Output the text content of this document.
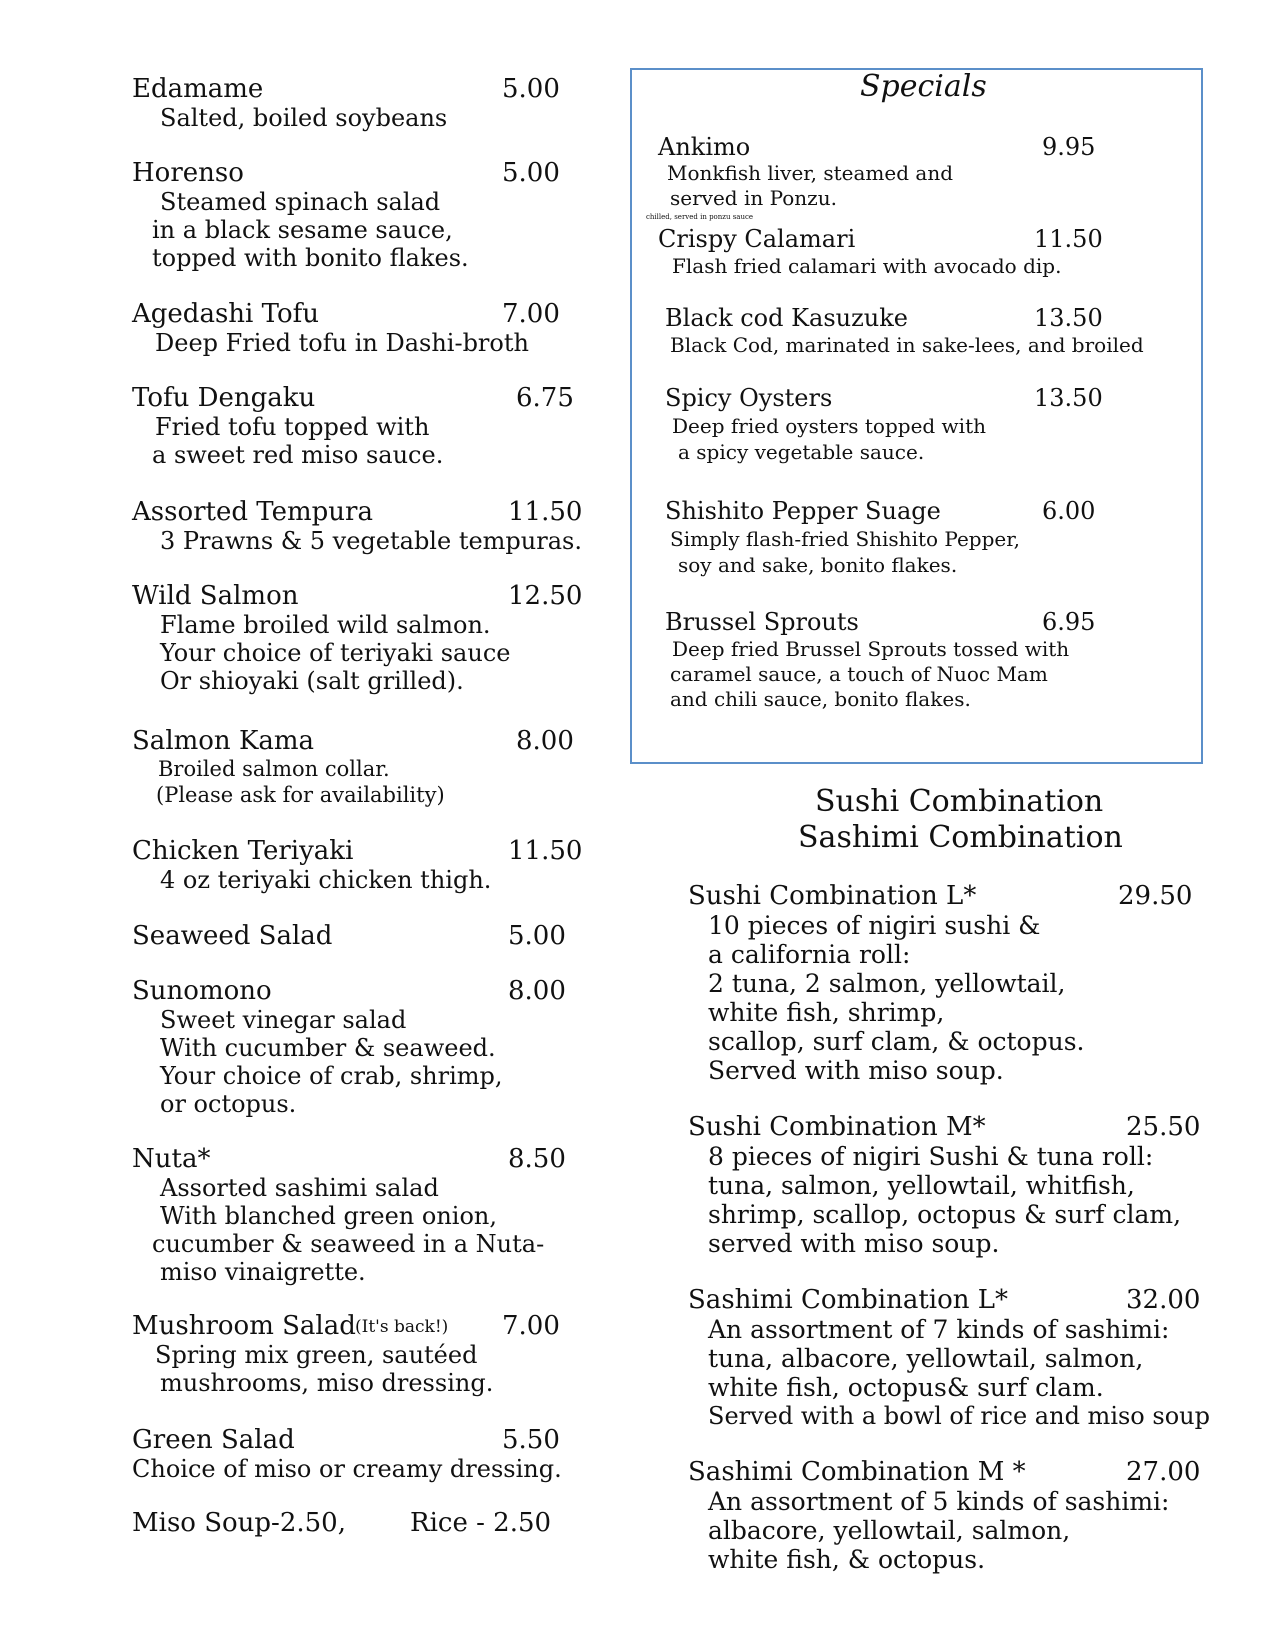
Edamame	5.00
Salted, boiled soybeans
Horenso	5.00
Steamed spinach salad
in a black sesame sauce,
topped with bonito flakes.
Agedashi Tofu	7.00
Deep Fried tofu in Dashi-broth
Tofu Dengaku	6.75
Fried tofu topped with
a sweet red miso sauce.
Assorted Tempura	11.50
3 Prawns & 5 vegetable tempuras.
Wild Salmon	12.50
Flame broiled wild salmon.
Your choice of teriyaki sauce
Or shioyaki (salt grilled).
Salmon Kama	8.00
Broiled salmon collar.
(Please ask for availability)
Chicken Teriyaki	11.50
4 oz teriyaki chicken thigh.
Seaweed Salad	5.00
Sunomono	8.00
Sweet vinegar salad
With cucumber & seaweed.
Your choice of crab, shrimp,
or octopus.
Nuta*	8.50
Assorted sashimi salad
With blanched green onion,
cucumber & seaweed in a Nuta-
miso vinaigrette.
Mushroom Salad (It's back!) 7.00
Spring mix green, sautéed
mushrooms, miso dressing.
Green Salad	5.50
Choice of miso or creamy dressing.
Miso Soup-2.50, Rice - 2.50
Specials
Ankimo	9.95
Monkfish liver, steamed and
served in Ponzu.
chilled, served in ponzu sauce
Crispy Calamari	11.50
Flash fried calamari with avocado dip.
Black cod Kasuzuke	13.50
Black Cod, marinated in sake-lees, and broiled
Spicy Oysters	13.50
Deep fried oysters topped with
a spicy vegetable sauce.
Shishito Pepper Suage	6.00
Simply flash-fried Shishito Pepper,
soy and sake, bonito flakes.
Brussel Sprouts	6.95
Deep fried Brussel Sprouts tossed with
caramel sauce, a touch of Nuoc Mam
and chili sauce, bonito flakes.
Sushi Combination
Sashimi Combination
Sushi Combination L*	29.50
10 pieces of nigiri sushi &
a california roll:
2 tuna, 2 salmon, yellowtail,
white fish, shrimp,
scallop, surf clam, & octopus.
Served with miso soup.
Sushi Combination M*	25.50
8 pieces of nigiri Sushi & tuna roll:
tuna, salmon, yellowtail, whitfish,
shrimp, scallop, octopus & surf clam,
served with miso soup.
Sashimi Combination L*	32.00
An assortment of 7 kinds of sashimi:
tuna, albacore, yellowtail, salmon,
white fish, octopus& surf clam.
Served with a bowl of rice and miso soup
Sashimi Combination M *	27.00
An assortment of 5 kinds of sashimi:
albacore, yellowtail, salmon,
white fish, & octopus.
